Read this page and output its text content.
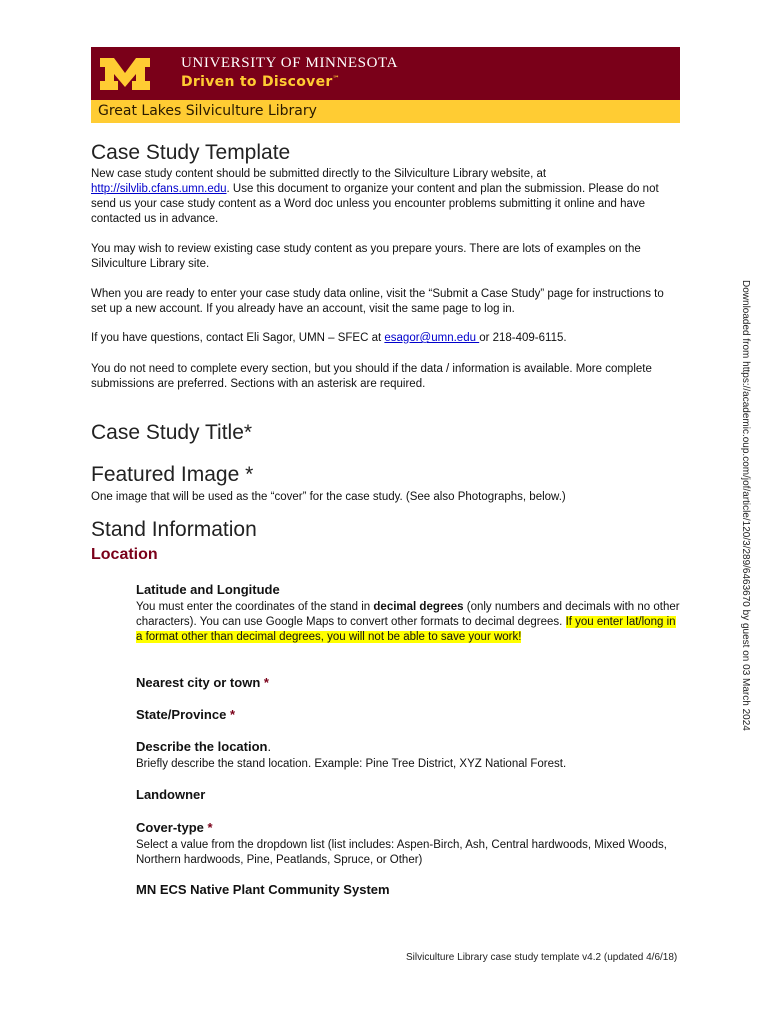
UNIVERSITY OF MINNESOTA
Driven to Discover℠
Great Lakes Silviculture Library
Case Study Template

New case study content should be submitted directly to the Silviculture Library website, at http://silvlib.cfans.umn.edu. Use this document to organize your content and plan the submission. Please do not send us your case study content as a Word doc unless you encounter problems submitting it online and have contacted us in advance.

You may wish to review existing case study content as you prepare yours. There are lots of examples on the Silviculture Library site.

When you are ready to enter your case study data online, visit the “Submit a Case Study” page for instructions to set up a new account. If you already have an account, visit the same page to log in.

If you have questions, contact Eli Sagor, UMN – SFEC at esagor@umn.edu or 218-409-6115.

You do not need to complete every section, but you should if the data / information is available. More complete submissions are preferred. Sections with an asterisk are required.

Case Study Title*
Featured Image *

One image that will be used as the “cover” for the case study. (See also Photographs, below.)

Stand Information
Location
Latitude and Longitude

You must enter the coordinates of the stand in decimal degrees (only numbers and decimals with no other characters). You can use Google Maps to convert other formats to decimal degrees. If you enter lat/long in a format other than decimal degrees, you will not be able to save your work!

Nearest city or town *
State/Province *
Describe the location.

Briefly describe the stand location. Example: Pine Tree District, XYZ National Forest.

Landowner
Cover-type *

Select a value from the dropdown list (list includes: Aspen-Birch, Ash, Central hardwoods, Mixed Woods, Northern hardwoods, Pine, Peatlands, Spruce, or Other)

MN ECS Native Plant Community System
Downloaded from https://academic.oup.com/jof/article/120/3/289/6463670 by guest on 03 March 2024
Silviculture Library case study template v4.2 (updated 4/6/18)
